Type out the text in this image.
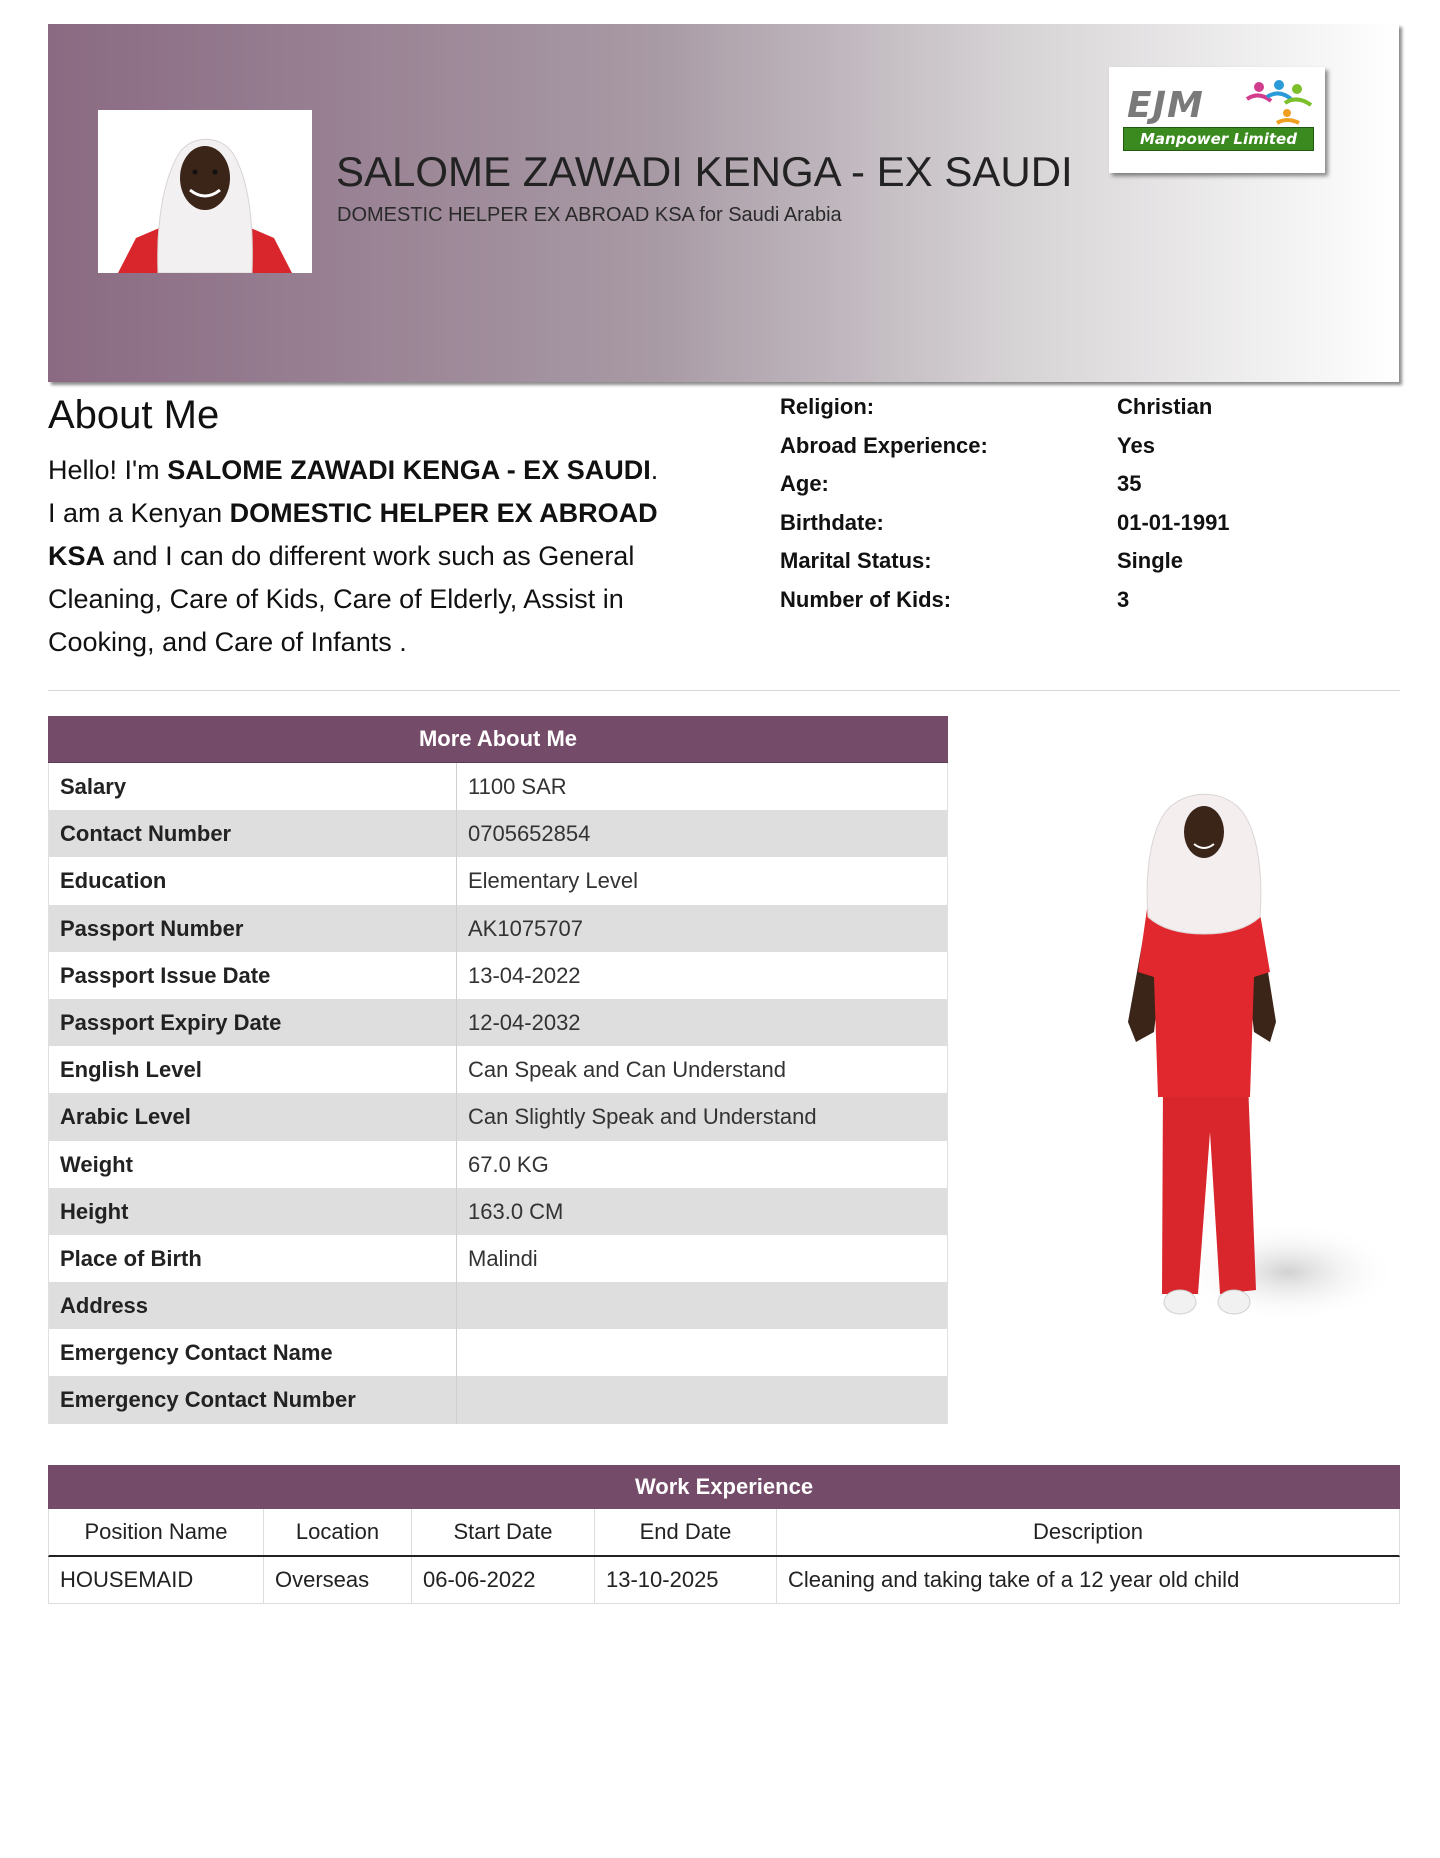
EJM
Manpower Limited
SALOME ZAWADI KENGA - EX SAUDI
DOMESTIC HELPER EX ABROAD KSA for Saudi Arabia
About Me
Hello! I'm SALOME ZAWADI KENGA - EX SAUDI.
I am a Kenyan DOMESTIC HELPER EX ABROAD KSA and I can do different work such as General Cleaning, Care of Kids, Care of Elderly, Assist in Cooking, and Care of Infants .
Religion:	Christian
Abroad Experience:	Yes
Age:	35
Birthdate:	01-01-1991
Marital Status:	Single
Number of Kids:	3
More About Me
Salary	1100 SAR
Contact Number	0705652854
Education	Elementary Level
Passport Number	AK1075707
Passport Issue Date	13-04-2022
Passport Expiry Date	12-04-2032
English Level	Can Speak and Can Understand
Arabic Level	Can Slightly Speak and Understand
Weight	67.0 KG
Height	163.0 CM
Place of Birth	Malindi
Address
Emergency Contact Name
Emergency Contact Number
Work Experience
Position Name	Location	Start Date	End Date	Description
HOUSEMAID	Overseas	06-06-2022	13-10-2025	Cleaning and taking take of a 12 year old child
